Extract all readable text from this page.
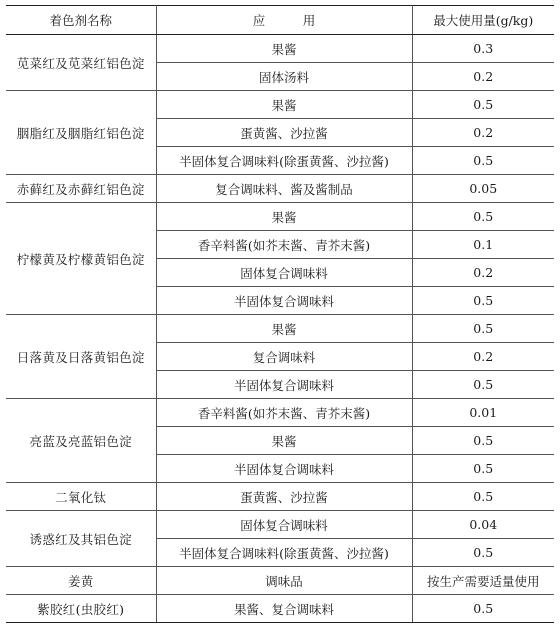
着色剂名称	应　　　用	最大使用量(g/kg)
苋菜红及苋菜红铝色淀	果酱	0.3
	固体汤料	0.2
胭脂红及胭脂红铝色淀	果酱	0.5
	蛋黄酱、沙拉酱	0.2
	半固体复合调味料(除蛋黄酱、沙拉酱)	0.5
赤藓红及赤藓红铝色淀	复合调味料、酱及酱制品	0.05
柠檬黄及柠檬黄铝色淀	果酱	0.5
	香辛料酱(如芥末酱、青芥末酱)	0.1
	固体复合调味料	0.2
	半固体复合调味料	0.5
日落黄及日落黄铝色淀	果酱	0.5
	复合调味料	0.2
	半固体复合调味料	0.5
亮蓝及亮蓝铝色淀	香辛料酱(如芥末酱、青芥末酱)	0.01
	果酱	0.5
	半固体复合调味料	0.5
二氧化钛	蛋黄酱、沙拉酱	0.5
诱惑红及其铝色淀	固体复合调味料	0.04
	半固体复合调味料(除蛋黄酱、沙拉酱)	0.5
姜黄	调味品	按生产需要适量使用
紫胶红(虫胶红)	果酱、复合调味料	0.5
